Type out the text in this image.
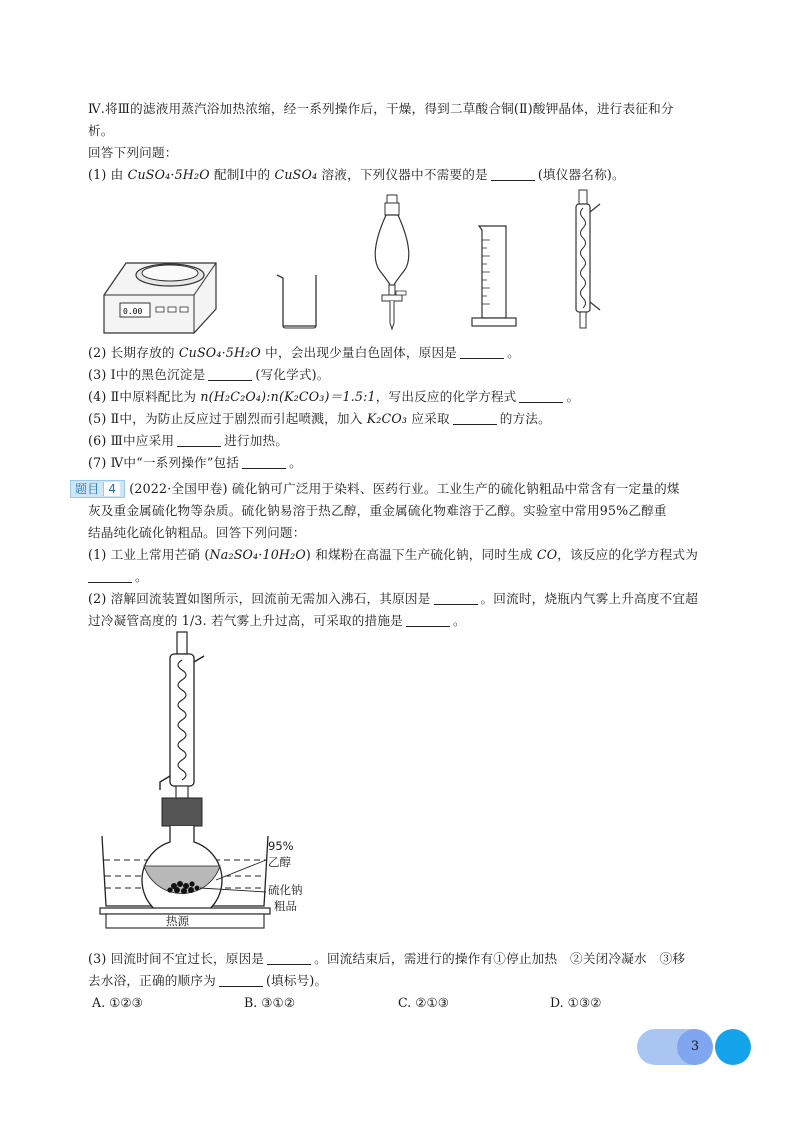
Ⅳ.将Ⅲ的滤液用蒸汽浴加热浓缩，经一系列操作后，干燥，得到二草酸合铜(Ⅱ)酸钾晶体，进行表征和分
析。
回答下列问题：
(1) 由 CuSO₄·5H₂O 配制Ⅰ中的 CuSO₄ 溶液，下列仪器中不需要的是	(填仪器名称)。
0.00
(2) 长期存放的 CuSO₄·5H₂O 中，会出现少量白色固体，原因是	。
(3) Ⅰ中的黑色沉淀是	(写化学式)。
(4) Ⅱ中原料配比为 n(H₂C₂O₄):n(K₂CO₃)＝1.5:1，写出反应的化学方程式	。
(5) Ⅱ中，为防止反应过于剧烈而引起喷溅，加入 K₂CO₃ 应采取	的方法。
(6) Ⅲ中应采用	进行加热。
(7) Ⅳ中“一系列操作”包括	。
题目 4 (2022·全国甲卷) 硫化钠可广泛用于染料、医药行业。工业生产的硫化钠粗品中常含有一定量的煤
灰及重金属硫化物等杂质。硫化钠易溶于热乙醇，重金属硫化物难溶于乙醇。实验室中常用95%乙醇重
结晶纯化硫化钠粗品。回答下列问题：
(1) 工业上常用芒硝 (Na₂SO₄·10H₂O) 和煤粉在高温下生产硫化钠，同时生成 CO，该反应的化学方程式为
。
(2) 溶解回流装置如图所示，回流前无需加入沸石，其原因是	。回流时，烧瓶内气雾上升高度不宜超
过冷凝管高度的 1/3. 若气雾上升过高，可采取的措施是	。
95%
乙醇
硫化钠
粗品
热源
(3) 回流时间不宜过长，原因是	。回流结束后，需进行的操作有①停止加热　②关闭冷凝水　③移
去水浴，正确的顺序为	(填标号)。
A. ①②③	B. ③①②	C. ②①③	D. ①③②
3
